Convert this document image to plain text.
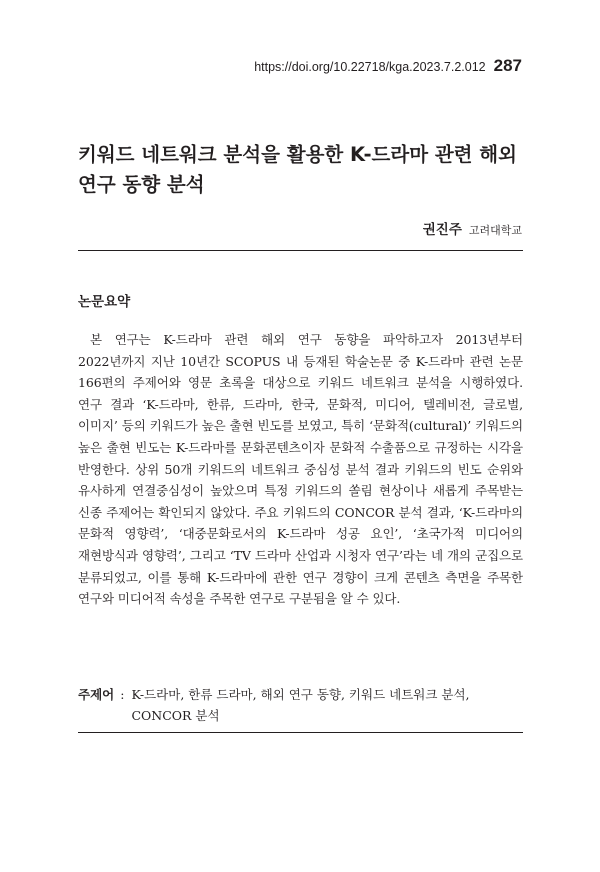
https://doi.org/10.22718/kga.2023.7.2.012 287
키워드 네트워크 분석을 활용한 K-드라마 관련 해외 연구 동향 분석
권진주 고려대학교
논문요약

본 연구는 K-드라마 관련 해외 연구 동향을 파악하고자 2013년부터 2022년까지 지난 10년간 SCOPUS 내 등재된 학술논문 중 K-드라마 관련 논문 166편의 주제어와 영문 초록을 대상으로 키워드 네트워크 분석을 시행하였다. 연구 결과 ‘K-드라마, 한류, 드라마, 한국, 문화적, 미디어, 텔레비전, 글로벌, 이미지’ 등의 키워드가 높은 출현 빈도를 보였고, 특히 ‘문화적(cultural)’ 키워드의 높은 출현 빈도는 K-드라마를 문화콘텐츠이자 문화적 수출품으로 규정하는 시각을 반영한다. 상위 50개 키워드의 네트워크 중심성 분석 결과 키워드의 빈도 순위와 유사하게 연결중심성이 높았으며 특정 키워드의 쏠림 현상이나 새롭게 주목받는 신종 주제어는 확인되지 않았다. 주요 키워드의 CONCOR 분석 결과, ‘K-드라마의 문화적 영향력’, ‘대중문화로서의 K-드라마 성공 요인’, ‘초국가적 미디어의 재현방식과 영향력’, 그리고 ‘TV 드라마 산업과 시청자 연구’라는 네 개의 군집으로 분류되었고, 이를 통해 K-드라마에 관한 연구 경향이 크게 콘텐츠 측면을 주목한 연구와 미디어적 속성을 주목한 연구로 구분됨을 알 수 있다.

주제어 : K-드라마, 한류 드라마, 해외 연구 동향, 키워드 네트워크 분석, CONCOR 분석
